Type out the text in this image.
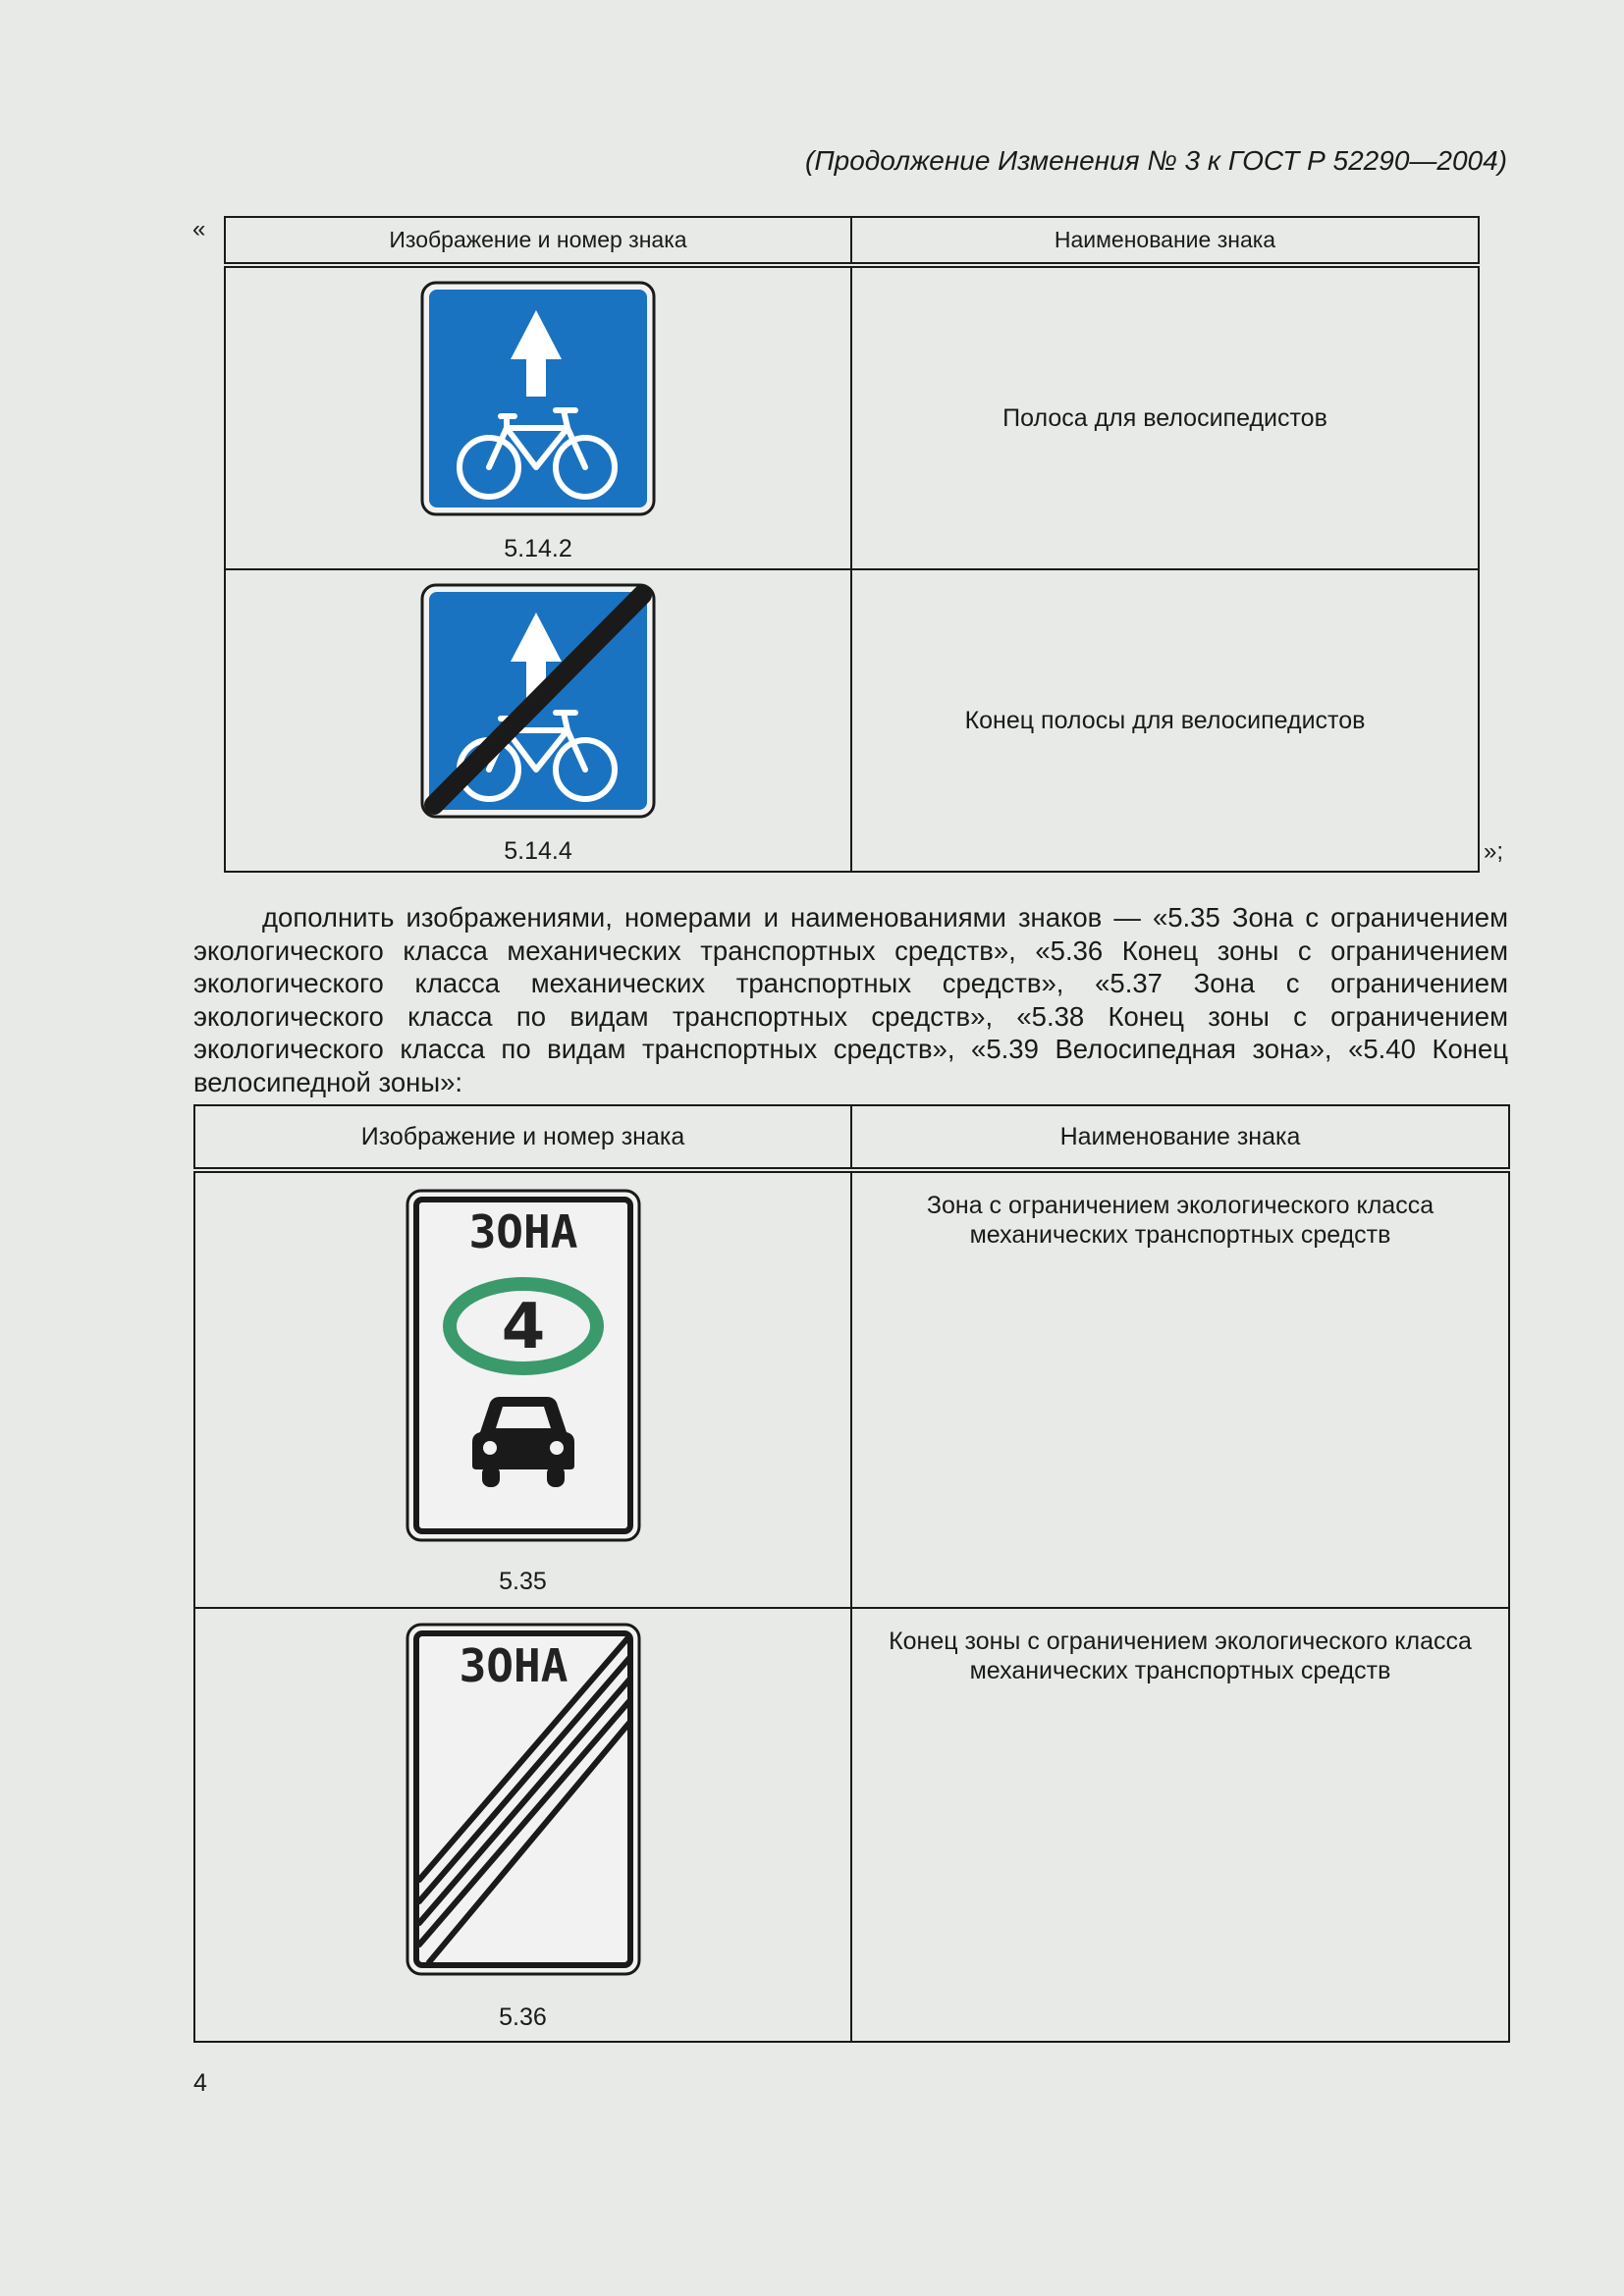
(Продолжение Изменения № 3 к ГОСТ Р 52290—2004)
«	Изображение и номер знака	Наименование знака

5.14.2	Полоса для велосипедистов

5.14.4	Конец полосы для велосипедистов
»;
дополнить изображениями, номерами и наименованиями знаков — «5.35 Зона с ограничением экологического класса механических транспортных средств», «5.36 Конец зоны с ограничением экологического класса механических транспортных средств», «5.37 Зона с ограничением экологического класса по видам транспортных средств», «5.38 Конец зоны с ограничением экологического класса по видам транспортных средств», «5.39 Велосипедная зона», «5.40 Конец велосипедной зоны»:
Изображение и номер знака	Наименование знака

ЗОНА
4
5.35	Зона с ограничением экологического класса механических транспортных средств

ЗОНА
5.36	Конец зоны с ограничением экологического класса механических транспортных средств
4
